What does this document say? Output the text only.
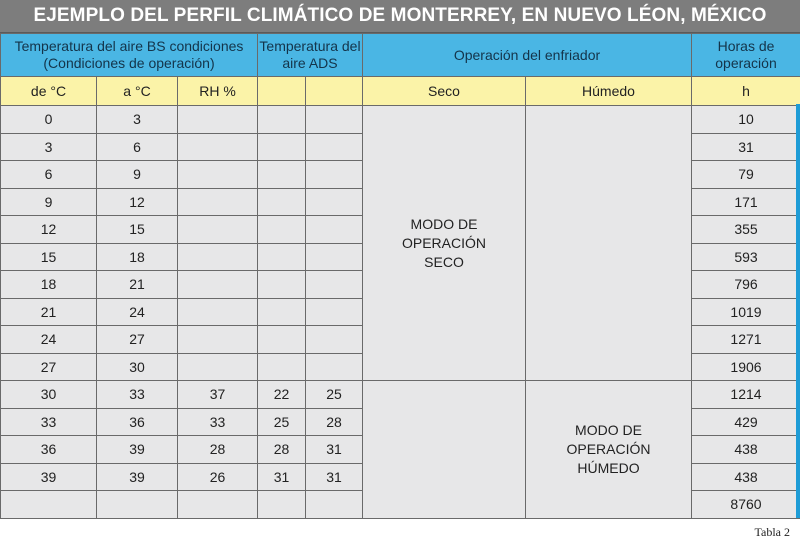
EJEMPLO DEL PERFIL CLIMÁTICO DE MONTERREY, EN NUEVO LÉON, MÉXICO
Temperatura del aire BS condiciones (Condiciones de operación)			Temperatura del aire ADS		Operación del enfriador		Horas de operación
de °C	a °C	RH %			Seco	Húmedo	h
0	3				MODO DE OPERACIÓN SECO		10
3	6						31
6	9						79
9	12						171
12	15						355
15	18						593
18	21						796
21	24						1019
24	27						1271
27	30						1906
30	33	37	22	25		MODO DE OPERACIÓN HÚMEDO	1214
33	36	33	25	28			429
36	39	28	28	31			438
39	39	26	31	31			438
							8760
Tabla 2
